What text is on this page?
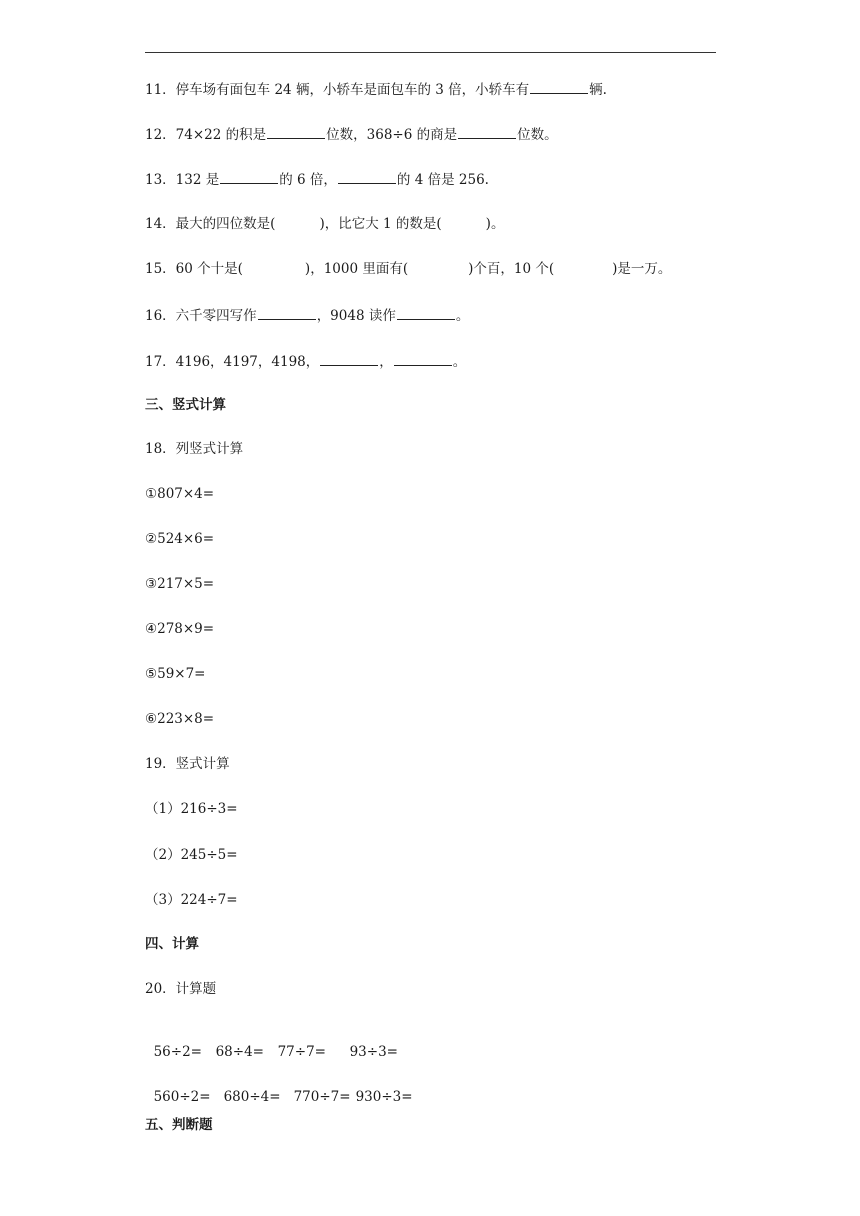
11．停车场有面包车 24 辆，小轿车是面包车的 3 倍，小轿车有	辆.
12．74×22 的积是	位数，368÷6 的商是	位数。
13．132 是	的 6 倍，	的 4 倍是 256.
14．最大的四位数是(	)，比它大 1 的数是(	)。
15．60 个十是(	)，1000 里面有(	)个百，10 个(	)是一万。
16．六千零四写作	，9048 读作	。
17．4196，4197，4198，	，	。
三、竖式计算
18．列竖式计算
①807×4=
②524×6=
③217×5=
④278×9=
⑤59×7=
⑥223×8=
19．竖式计算
（1）216÷3=
（2）245÷5=
（3）224÷7=
四、计算
20．计算题

56÷2= 68÷4= 77÷7= 93÷3=

560÷2= 680÷4= 770÷7= 930÷3=

五、判断题
